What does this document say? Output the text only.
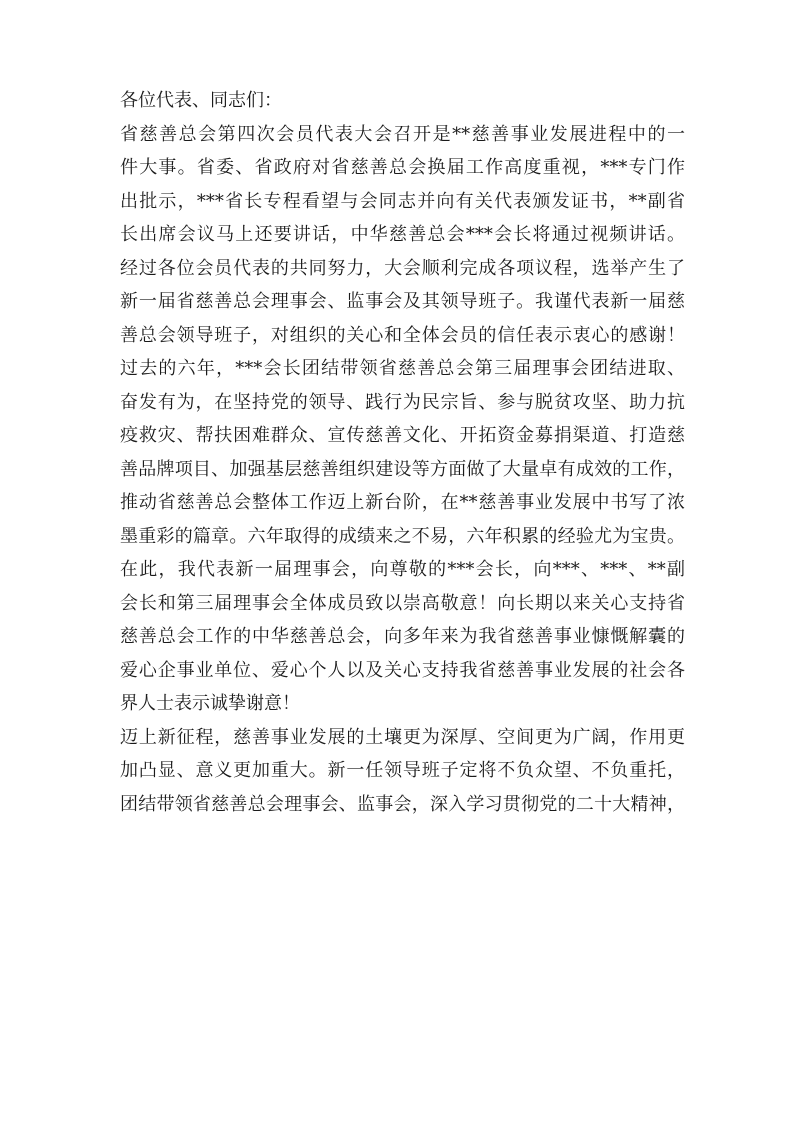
各位代表、同志们：
省慈善总会第四次会员代表大会召开是**慈善事业发展进程中的一
件大事。省委、省政府对省慈善总会换届工作高度重视，***专门作
出批示，***省长专程看望与会同志并向有关代表颁发证书，**副省
长出席会议马上还要讲话，中华慈善总会***会长将通过视频讲话。
经过各位会员代表的共同努力，大会顺利完成各项议程，选举产生了
新一届省慈善总会理事会、监事会及其领导班子。我谨代表新一届慈
善总会领导班子，对组织的关心和全体会员的信任表示衷心的感谢！
过去的六年，***会长团结带领省慈善总会第三届理事会团结进取、
奋发有为，在坚持党的领导、践行为民宗旨、参与脱贫攻坚、助力抗
疫救灾、帮扶困难群众、宣传慈善文化、开拓资金募捐渠道、打造慈
善品牌项目、加强基层慈善组织建设等方面做了大量卓有成效的工作，
推动省慈善总会整体工作迈上新台阶，在**慈善事业发展中书写了浓
墨重彩的篇章。六年取得的成绩来之不易，六年积累的经验尤为宝贵。
在此，我代表新一届理事会，向尊敬的***会长，向***、***、**副
会长和第三届理事会全体成员致以崇高敬意！向长期以来关心支持省
慈善总会工作的中华慈善总会，向多年来为我省慈善事业慷慨解囊的
爱心企事业单位、爱心个人以及关心支持我省慈善事业发展的社会各
界人士表示诚挚谢意！
迈上新征程，慈善事业发展的土壤更为深厚、空间更为广阔，作用更
加凸显、意义更加重大。新一任领导班子定将不负众望、不负重托，
团结带领省慈善总会理事会、监事会，深入学习贯彻党的二十大精神，
